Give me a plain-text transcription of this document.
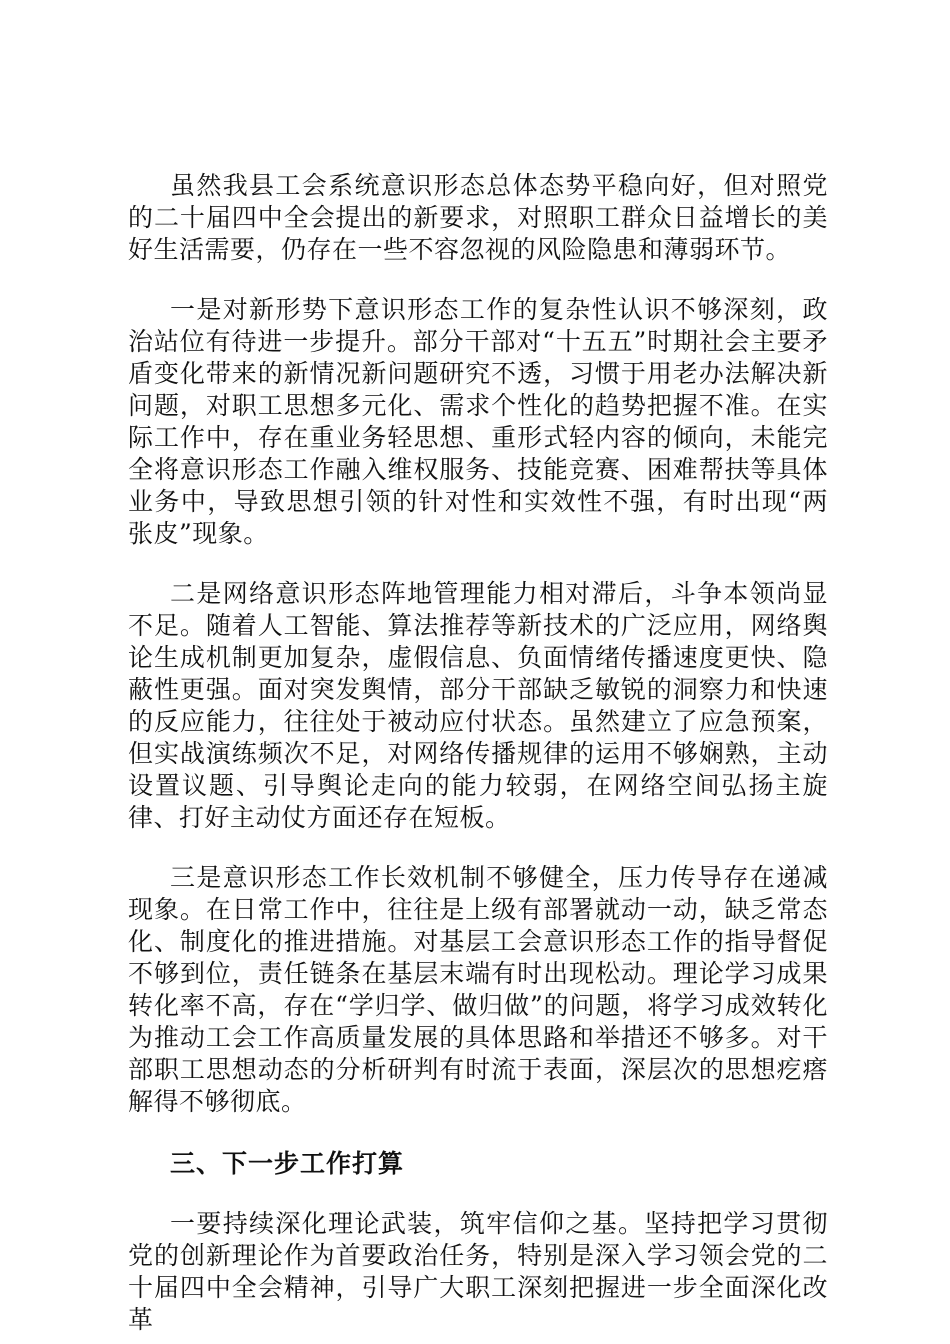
虽然我县工会系统意识形态总体态势平稳向好，但对照党的二十届四中全会提出的新要求，对照职工群众日益增长的美好生活需要，仍存在一些不容忽视的风险隐患和薄弱环节。

一是对新形势下意识形态工作的复杂性认识不够深刻，政治站位有待进一步提升。部分干部对“十五五”时期社会主要矛盾变化带来的新情况新问题研究不透，习惯于用老办法解决新问题，对职工思想多元化、需求个性化的趋势把握不准。在实际工作中，存在重业务轻思想、重形式轻内容的倾向，未能完全将意识形态工作融入维权服务、技能竞赛、困难帮扶等具体业务中，导致思想引领的针对性和实效性不强，有时出现“两张皮”现象。

二是网络意识形态阵地管理能力相对滞后，斗争本领尚显不足。随着人工智能、算法推荐等新技术的广泛应用，网络舆论生成机制更加复杂，虚假信息、负面情绪传播速度更快、隐蔽性更强。面对突发舆情，部分干部缺乏敏锐的洞察力和快速的反应能力，往往处于被动应付状态。虽然建立了应急预案，但实战演练频次不足，对网络传播规律的运用不够娴熟，主动设置议题、引导舆论走向的能力较弱，在网络空间弘扬主旋律、打好主动仗方面还存在短板。

三是意识形态工作长效机制不够健全，压力传导存在递减现象。在日常工作中，往往是上级有部署就动一动，缺乏常态化、制度化的推进措施。对基层工会意识形态工作的指导督促不够到位，责任链条在基层末端有时出现松动。理论学习成果转化率不高，存在“学归学、做归做”的问题，将学习成效转化为推动工会工作高质量发展的具体思路和举措还不够多。对干部职工思想动态的分析研判有时流于表面，深层次的思想疙瘩解得不够彻底。

三、下一步工作打算

一要持续深化理论武装，筑牢信仰之基。坚持把学习贯彻党的创新理论作为首要政治任务，特别是深入学习领会党的二十届四中全会精神，引导广大职工深刻把握进一步全面深化改革
